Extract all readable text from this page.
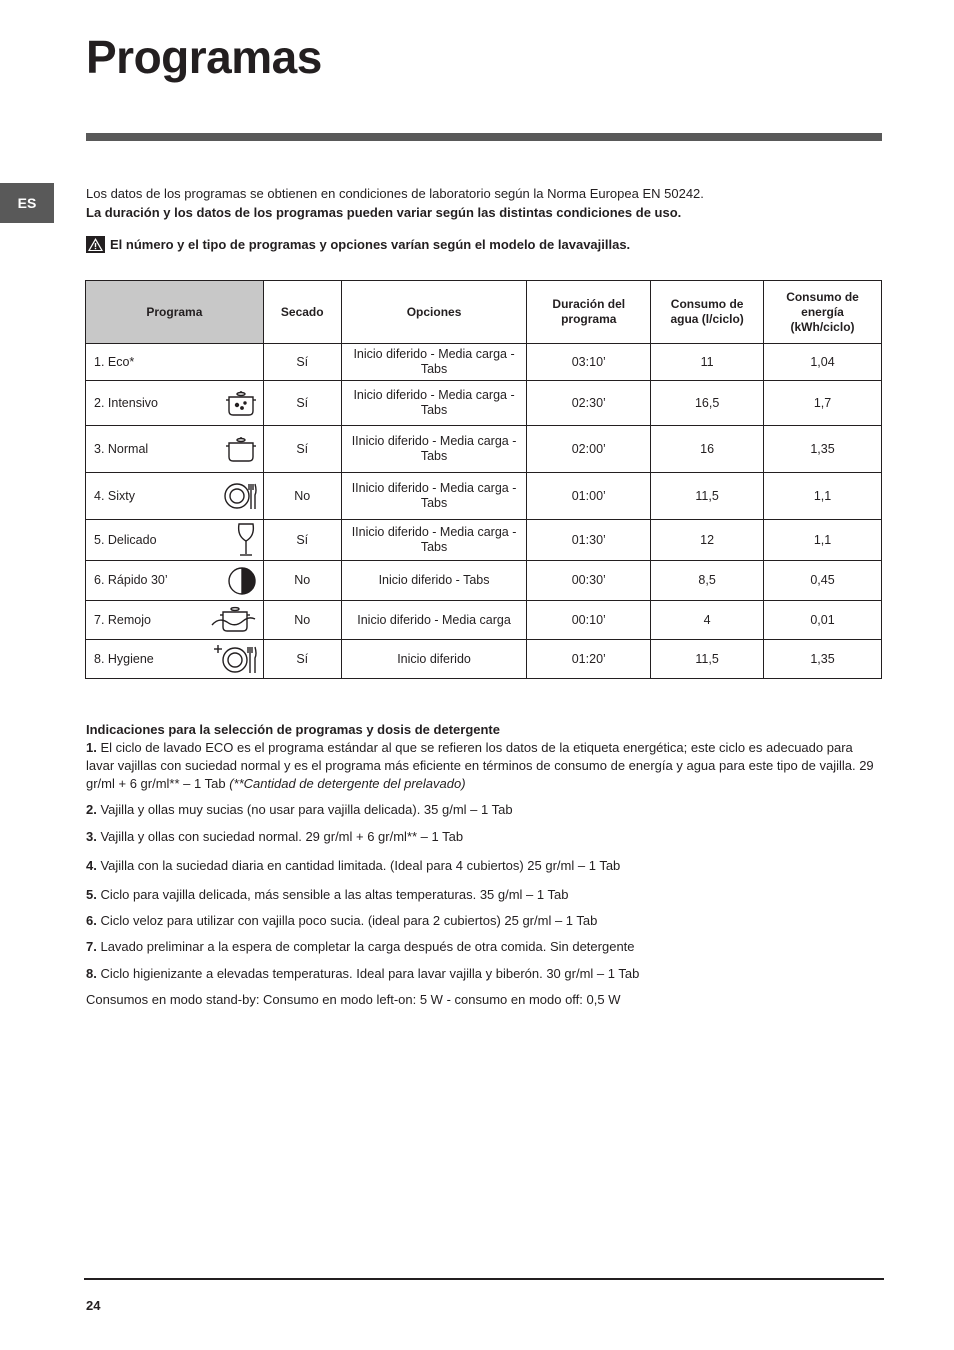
Programas
ES
Los datos de los programas se obtienen en condiciones de laboratorio según la Norma Europea EN 50242.
La duración y los datos de los programas pueden variar según las distintas condiciones de uso.
El número y el tipo de programas y opciones varían según el modelo de lavavajillas.
Programa	Secado	Opciones	Duración del programa	Consumo de agua (l/ciclo)	Consumo de energía (kWh/ciclo)

1. Eco*	Sí	Inicio diferido - Media carga - Tabs	03:10’	11	1,04

2. Intensivo	Sí	Inicio diferido - Media carga - Tabs	02:30’	16,5	1,7

3. Normal	Sí	IInicio diferido - Media carga - Tabs	02:00’	16	1,35

4. Sixty	No	IInicio diferido - Media carga - Tabs	01:00’	11,5	1,1

5. Delicado	Sí	IInicio diferido - Media carga - Tabs	01:30’	12	1,1

6. Rápido 30’	No	Inicio diferido - Tabs	00:30’	8,5	0,45

7. Remojo	No	Inicio diferido - Media carga	00:10’	4	0,01

8. Hygiene	Sí	Inicio diferido	01:20’	11,5	1,35

Indicaciones para la selección de programas y dosis de detergente

1. El ciclo de lavado ECO es el programa estándar al que se refieren los datos de la etiqueta energética; este ciclo es adecuado para lavar vajillas con suciedad normal y es el programa más eficiente en términos de consumo de energía y agua para este tipo de vajilla. 29 gr/ml + 6 gr/ml** – 1 Tab (**Cantidad de detergente del prelavado)

2. Vajilla y ollas muy sucias (no usar para vajilla delicada). 35 g/ml – 1 Tab

3. Vajilla y ollas con suciedad normal. 29 gr/ml + 6 gr/ml** – 1 Tab

4. Vajilla con la suciedad diaria en cantidad limitada. (Ideal para 4 cubiertos) 25 gr/ml – 1 Tab

5. Ciclo para vajilla delicada, más sensible a las altas temperaturas. 35 g/ml – 1 Tab

6. Ciclo veloz para utilizar con vajilla poco sucia. (ideal para 2 cubiertos) 25 gr/ml – 1 Tab

7. Lavado preliminar a la espera de completar la carga después de otra comida. Sin detergente

8. Ciclo higienizante a elevadas temperaturas. Ideal para lavar vajilla y biberón. 30 gr/ml – 1 Tab

Consumos en modo stand-by: Consumo en modo left-on: 5 W - consumo en modo off: 0,5 W

24
